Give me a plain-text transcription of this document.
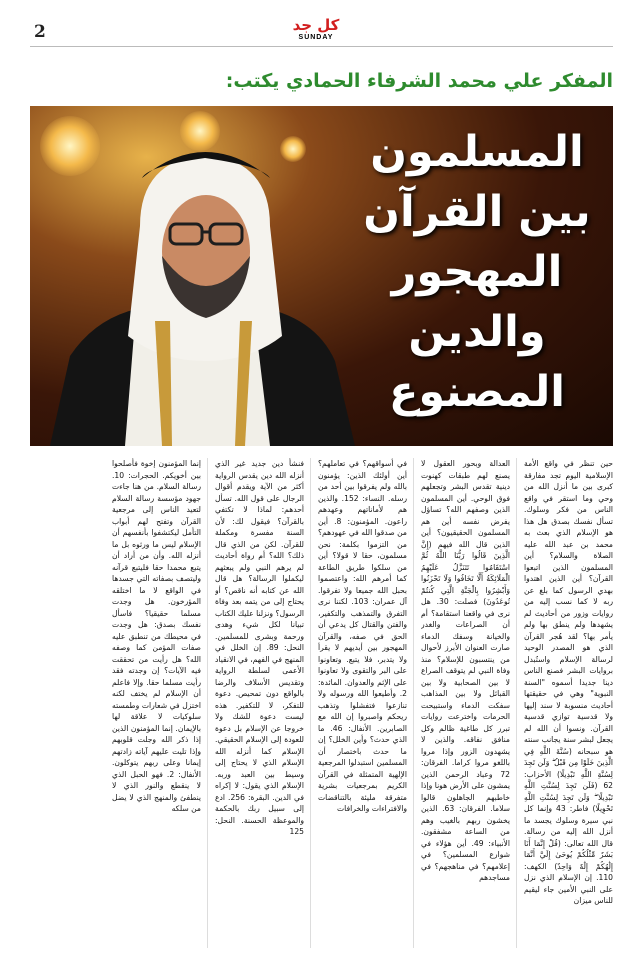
2	كل جد
SUNDAY
المفكر علي محمد الشرفاء الحمادي يكتب:
المسلمون
بين القرآن
المهجور
والدين
المصنوع

حين تنظر في واقع الأمة الإسلامية اليوم تجد مفارقة كبرى بين ما أنزل الله من وحي وما استقر في واقع الناس من فكر وسلوك. تسأل نفسك بصدق هل هذا هو الإسلام الذي بعث به محمد بن عبد الله عليه الصلاة والسلام؟ أين المسلمون الذين اتبعوا القرآن؟ أين الذين اهتدوا بهدي الرسول كما بلغ عن ربه لا كما نسب إليه من روايات وزور من أحاديث لم يشهدها ولم ينطق بها ولم يأمر بها؟ لقد هُجر القرآن الذي هو المصدر الوحيد لرسالة الإسلام واستُبدل بروايات البشر فصنع الناس دينا جديدا أسموه "السنة النبوية" وهي في حقيقتها أحاديث منسوبة لا سند إليها ولا قدسية توازي قدسية القرآن. ونسوا أن الله لم يجعل لبشر سنة يجانب سنته هو سبحانه (سُنَّةَ اللَّهِ فِي الَّذِينَ خَلَوْا مِن قَبْلُ ۖ وَلَن تَجِدَ لِسُنَّةِ اللَّهِ تَبْدِيلًا) الأحزاب: 62 (فَلَن تَجِدَ لِسُنَّتِ اللَّهِ تَبْدِيلًا ۖ وَلَن تَجِدَ لِسُنَّتِ اللَّهِ تَحْوِيلًا) فاطر: 43 وإنما كل نبي سيرة وسلوك يجسد ما أنزل الله إليه من رسالة. قال الله تعالى: (قُلْ إِنَّمَا أَنَا بَشَرٌ مِّثْلُكُمْ يُوحَىٰ إِلَيَّ أَنَّمَا إِلَٰهُكُمْ إِلَٰهٌ وَاحِدٌ) الكهف: 110. إن الإسلام الذي نزل على النبي الأمين جاء ليقيم للناس ميزان

العدالة وبحور العقول لا يصنع لهم طبقات كهنوت دينية تقدس البشر وتجعلهم فوق الوحي. أين المسلمون الذين وصفهم الله؟ تساؤل يفرض نفسه أين هم المسلمون الحقيقيون؟ أين الذين قال الله فيهم (إِنَّ الَّذِينَ قَالُوا رَبُّنَا اللَّهُ ثُمَّ اسْتَقَامُوا تَتَنَزَّلُ عَلَيْهِمُ الْمَلَائِكَةُ أَلَّا تَخَافُوا وَلَا تَحْزَنُوا وَأَبْشِرُوا بِالْجَنَّةِ الَّتِي كُنتُمْ تُوعَدُونَ) فصلت: 30. هل نرى في واقعنا استقامة؟ أم أن الصراعات والغدر والخيانة وسفك الدماء صارت العنوان الأبرز لأحوال من ينتسبون للإسلام؟ منذ وفاة النبي لم يتوقف الصراع لا بين الصحابية ولا بين القبائل ولا بين المذاهب سفكت الدماء واستبيحت الحرمات واخترعت روايات تبرر كل طاغية ظالم وكل منافق نفاقه. والذين لا يشهدون الزور وإذا مروا باللغو مروا كراما. الفرقان: 72 وعباد الرحمن الذين يمشون على الأرض هونا وإذا خاطبهم الجاهلون قالوا سلاما. الفرقان: 63. الذين يخشون ربهم بالغيب وهم من الساعة مشفقون. الأنبياء: 49. أين هؤلاء في شوارع المسلمين؟ في إعلامهم؟ في مناهجهم؟ في مساجدهم

في أسواقهم؟ في تعاملهم؟ أين أولئك الذين: يؤمنون بالله ولم يفرقوا بين أحد من رسله. النساء: 152. والذين هم لأماناتهم وعهدهم راعون. المؤمنون: 8. أين من صدقوا الله في عهودهم؟ من التزموا بكلمة: نحن مسلمون، حقا لا قولا؟ أين من سلكوا طريق الطاعة كما أمرهم الله: واعتصموا بحبل الله جميعا ولا تفرقوا. آل عمران: 103. لكننا نرى التفرق والتمذهب والتكفير، والفتن والقتال كل يدعي أن الحق في صفه، والقرآن المهجور بين أيديهم لا يقرأ ولا يتدبر، فلا يتبع. وتعاونوا على البر والتقوى ولا تعاونوا على الإثم والعدوان. المائدة: 2. وأطيعوا الله ورسوله ولا تنازعوا فتفشلوا وتذهب ريحكم واصبروا إن الله مع الصابرين. الأنفال: 46. ما الذي حدث؟ وأين الخلل؟ إن ما حدث باختصار أن المسلمين استبدلوا المرجعية الإلهية المتمثلة في القرآن الكريم بمرجعيات بشرية متفرقة مليئة بالتناقضات والافتراءات والخرافات

فنشأ دين جديد غير الذي أنزله الله دين يقدس الرواية أكثر من الآية ويقدم أقوال الرجال على قول الله. تسأل أحدهم: لماذا لا تكتفي بالقرآن؟ فيقول لك: لأن السنة مفسرة ومكملة للقرآن. لكن من الذي قال ذلك؟ الله؟ أم رواة أحاديث لم يرهم النبي ولم يبعثهم ليكملوا الرسالة؟ هل قال الله عن كتابه أنه ناقص؟ أو يحتاج إلى من يتمه بعد وفاة الرسول؟ ونزلنا عليك الكتاب تبيانا لكل شيء وهدى ورحمة وبشرى للمسلمين. النحل: 89. إن الخلل في المنهج في الفهم، في الانقياد الأعمى لسلطة الرواية وتقديس الأسلاف والرضا بالواقع دون تمحيص. دعوة للتفكر، لا للتكفير. هذه ليست دعوة للشك ولا خروجا عن الإسلام بل دعوة للعودة إلى الإسلام الحقيقي. الإسلام كما أنزله الله الإسلام الذي لا يحتاج إلى وسيط بين العبد وربه. الإسلام الذي يقول: لا إكراه في الدين. البقرة: 256. ادع إلى سبيل ربك بالحكمة والموعظة الحسنة. النحل: 125

إنما المؤمنون إخوة فأصلحوا بين أخويكم. الحجرات: 10. رسالة السلام. من هنا جاءت جهود مؤسسة رسالة السلام لتعيد الناس إلى مرجعية القرآن وتفتح لهم أبواب التأمل ليكتشفوا بأنفسهم أن الإسلام ليس ما ورثوه بل ما أنزله الله. وأن من أراد أن يتبع محمدا حقا فليتبع قرآنه وليتصف بصفاته التي جسدها في الواقع لا ما اختلقه المؤرخون. هل وجدت مسلما حقيقيا؟ فاسأل نفسك بصدق: هل وجدت في محيطك من تنطبق عليه صفات المؤمن كما وصفه الله؟ هل رأيت من تحققت فيه الآيات؟ إن وجدته فقد رأيت مسلما حقا. وإلا فاعلم أن الإسلام لم يختف لكنه اختزل في شعارات وطمسته سلوكيات لا علاقة لها بالإيمان. إنما المؤمنون الذين إذا ذكر الله وجلت قلوبهم وإذا تليت عليهم آياته زادتهم إيمانا وعلى ربهم يتوكلون. الأنفال: 2. فهو الحبل الذي لا ينقطع والنور الذي لا ينطفئ والمنهج الذي لا يضل من سلكه
